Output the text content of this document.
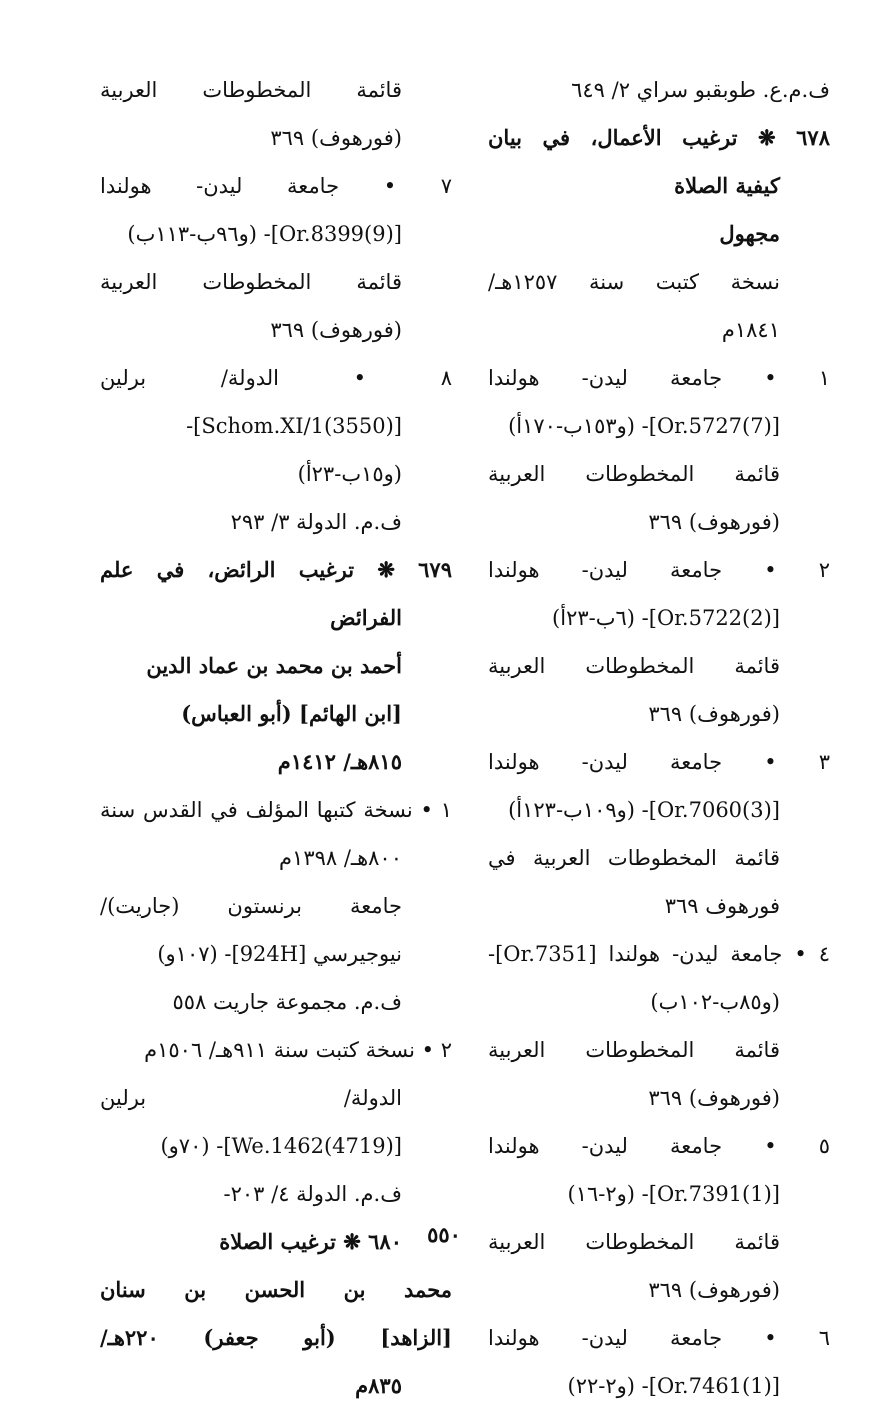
ف.م.ع. طوبقبو سراي ٢/ ٦٤٩
٦٧٨ ❋ ترغيب الأعمال، في بيان
كيفية الصلاة
مجهول
نسخة كتبت سنة ١٢٥٧هـ/
١٨٤١م
١ • جامعة ليدن- هولندا
[Or.5727(7)]- (و١٥٣ب-١٧٠أ)
قائمة المخطوطات العربية
(فورهوف) ٣٦٩
٢ • جامعة ليدن- هولندا
[Or.5722(2)]- (٦ب-٢٣أ)
قائمة المخطوطات العربية
(فورهوف) ٣٦٩
٣ • جامعة ليدن- هولندا
[Or.7060(3)]- (و١٠٩ب-١٢٣أ)
قائمة المخطوطات العربية في
فورهوف ٣٦٩
٤ • جامعة ليدن- هولندا [Or.7351]-
(و٨٥ب-١٠٢ب)
قائمة المخطوطات العربية
(فورهوف) ٣٦٩
٥ • جامعة ليدن- هولندا
[Or.7391(1)]- (و٢-١٦)
قائمة المخطوطات العربية
(فورهوف) ٣٦٩
٦ • جامعة ليدن- هولندا
[Or.7461(1)]- (و٢-٢٢)
قائمة المخطوطات العربية
(فورهوف) ٣٦٩
٧ • جامعة ليدن- هولندا
[Or.8399(9)]- (و٩٦ب-١١٣ب)
قائمة المخطوطات العربية
(فورهوف) ٣٦٩
٨ • الدولة/ برلين
[(3550)Schom.XI/1]-
(و١٥ب-٢٣أ)
ف.م. الدولة ٣/ ٢٩٣
٦٧٩ ❋ ترغيب الرائض، في علم
الفرائض
أحمد بن محمد بن عماد الدين
[ابن الهائم] (أبو العباس)
٨١٥هـ/ ١٤١٢م
١ • نسخة كتبها المؤلف في القدس سنة
٨٠٠هـ/ ١٣٩٨م
جامعة برنستون (جاريت)/
نيوجيرسي [924H]- (١٠٧و)
ف.م. مجموعة جاريت ٥٥٨
٢ • نسخة كتبت سنة ٩١١هـ/ ١٥٠٦م
الدولة/ برلين
[(4719)We.1462]- (٧٠و)
ف.م. الدولة ٤/ ٢٠٣-
٦٨٠ ❋ ترغيب الصلاة
محمد بن الحسن بن سنان
[الزاهد] (أبو جعفر) ٢٢٠هـ/
٨٣٥م
٥٥٠
